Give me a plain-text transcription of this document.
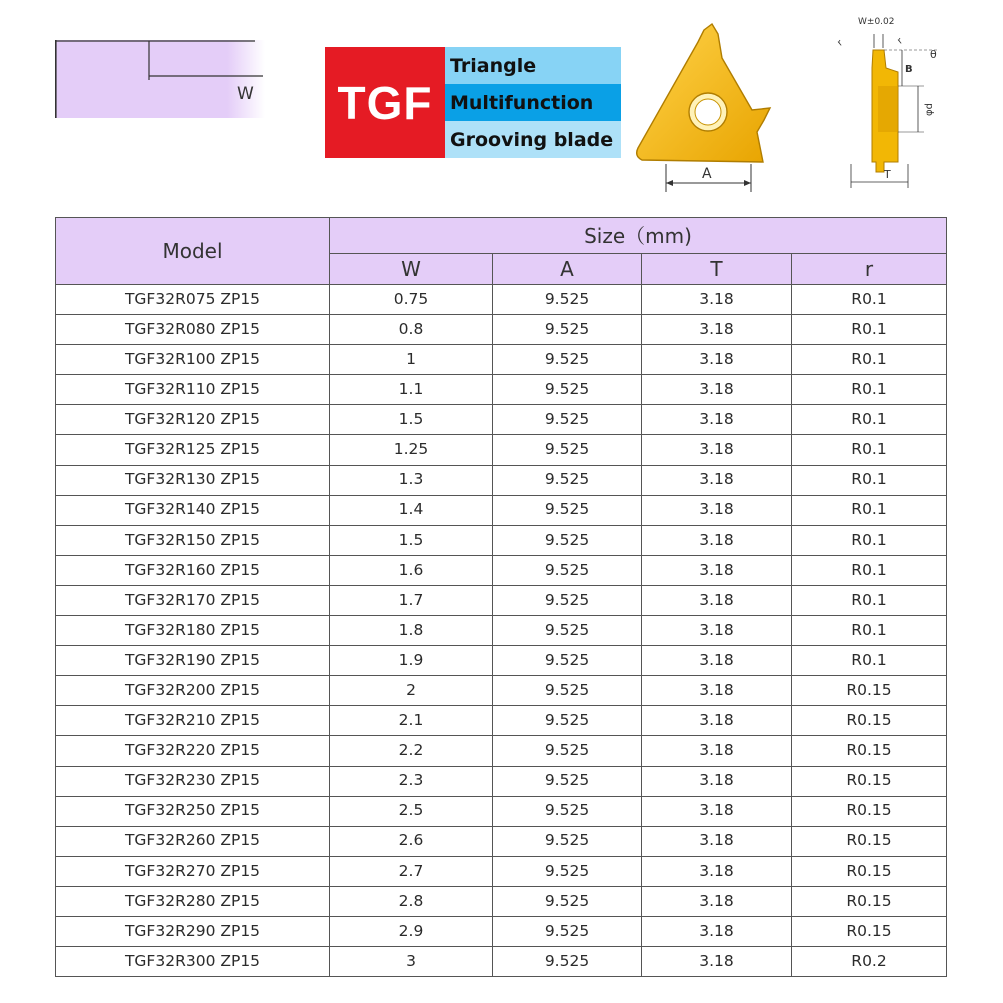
W TGF
Triangle
Multifunction
Grooving blade
A
W±0.02
r	r
θ
B
φd
T
Model	Size（mm)			
	W	A	T	r
TGF32R075 ZP15	0.75	9.525	3.18	R0.1
TGF32R080 ZP15	0.8	9.525	3.18	R0.1
TGF32R100 ZP15	1	9.525	3.18	R0.1
TGF32R110 ZP15	1.1	9.525	3.18	R0.1
TGF32R120 ZP15	1.5	9.525	3.18	R0.1
TGF32R125 ZP15	1.25	9.525	3.18	R0.1
TGF32R130 ZP15	1.3	9.525	3.18	R0.1
TGF32R140 ZP15	1.4	9.525	3.18	R0.1
TGF32R150 ZP15	1.5	9.525	3.18	R0.1
TGF32R160 ZP15	1.6	9.525	3.18	R0.1
TGF32R170 ZP15	1.7	9.525	3.18	R0.1
TGF32R180 ZP15	1.8	9.525	3.18	R0.1
TGF32R190 ZP15	1.9	9.525	3.18	R0.1
TGF32R200 ZP15	2	9.525	3.18	R0.15
TGF32R210 ZP15	2.1	9.525	3.18	R0.15
TGF32R220 ZP15	2.2	9.525	3.18	R0.15
TGF32R230 ZP15	2.3	9.525	3.18	R0.15
TGF32R250 ZP15	2.5	9.525	3.18	R0.15
TGF32R260 ZP15	2.6	9.525	3.18	R0.15
TGF32R270 ZP15	2.7	9.525	3.18	R0.15
TGF32R280 ZP15	2.8	9.525	3.18	R0.15
TGF32R290 ZP15	2.9	9.525	3.18	R0.15
TGF32R300 ZP15	3	9.525	3.18	R0.2
